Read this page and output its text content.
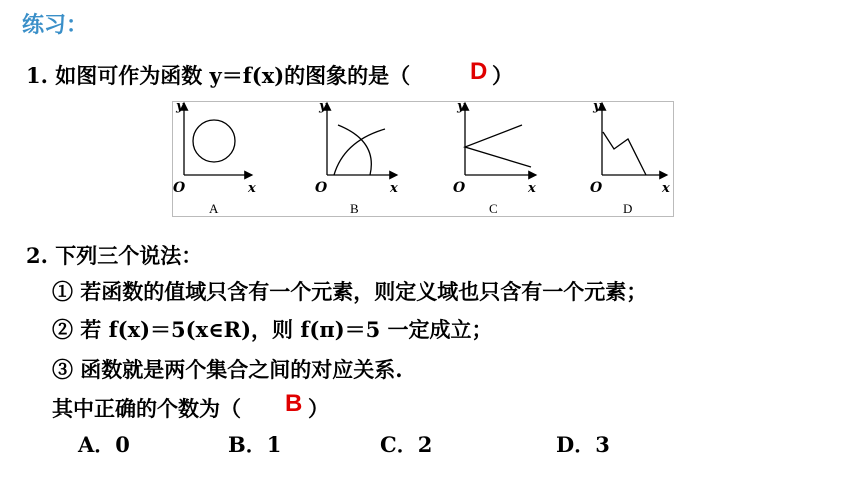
练习：
1. 如图可作为函数 y＝f(x)的图象的是（ D ）
y
O	x
A
y
O	x
B
y
O	x
C
y
O	x
D
2. 下列三个说法：
① 若函数的值域只含有一个元素，则定义域也只含有一个元素；
② 若 f(x)＝5(x∈R)，则 f(π)＝5 一定成立；
③ 函数就是两个集合之间的对应关系.
其中正确的个数为（ B ）
A．0	B．1	C．2	D．3
